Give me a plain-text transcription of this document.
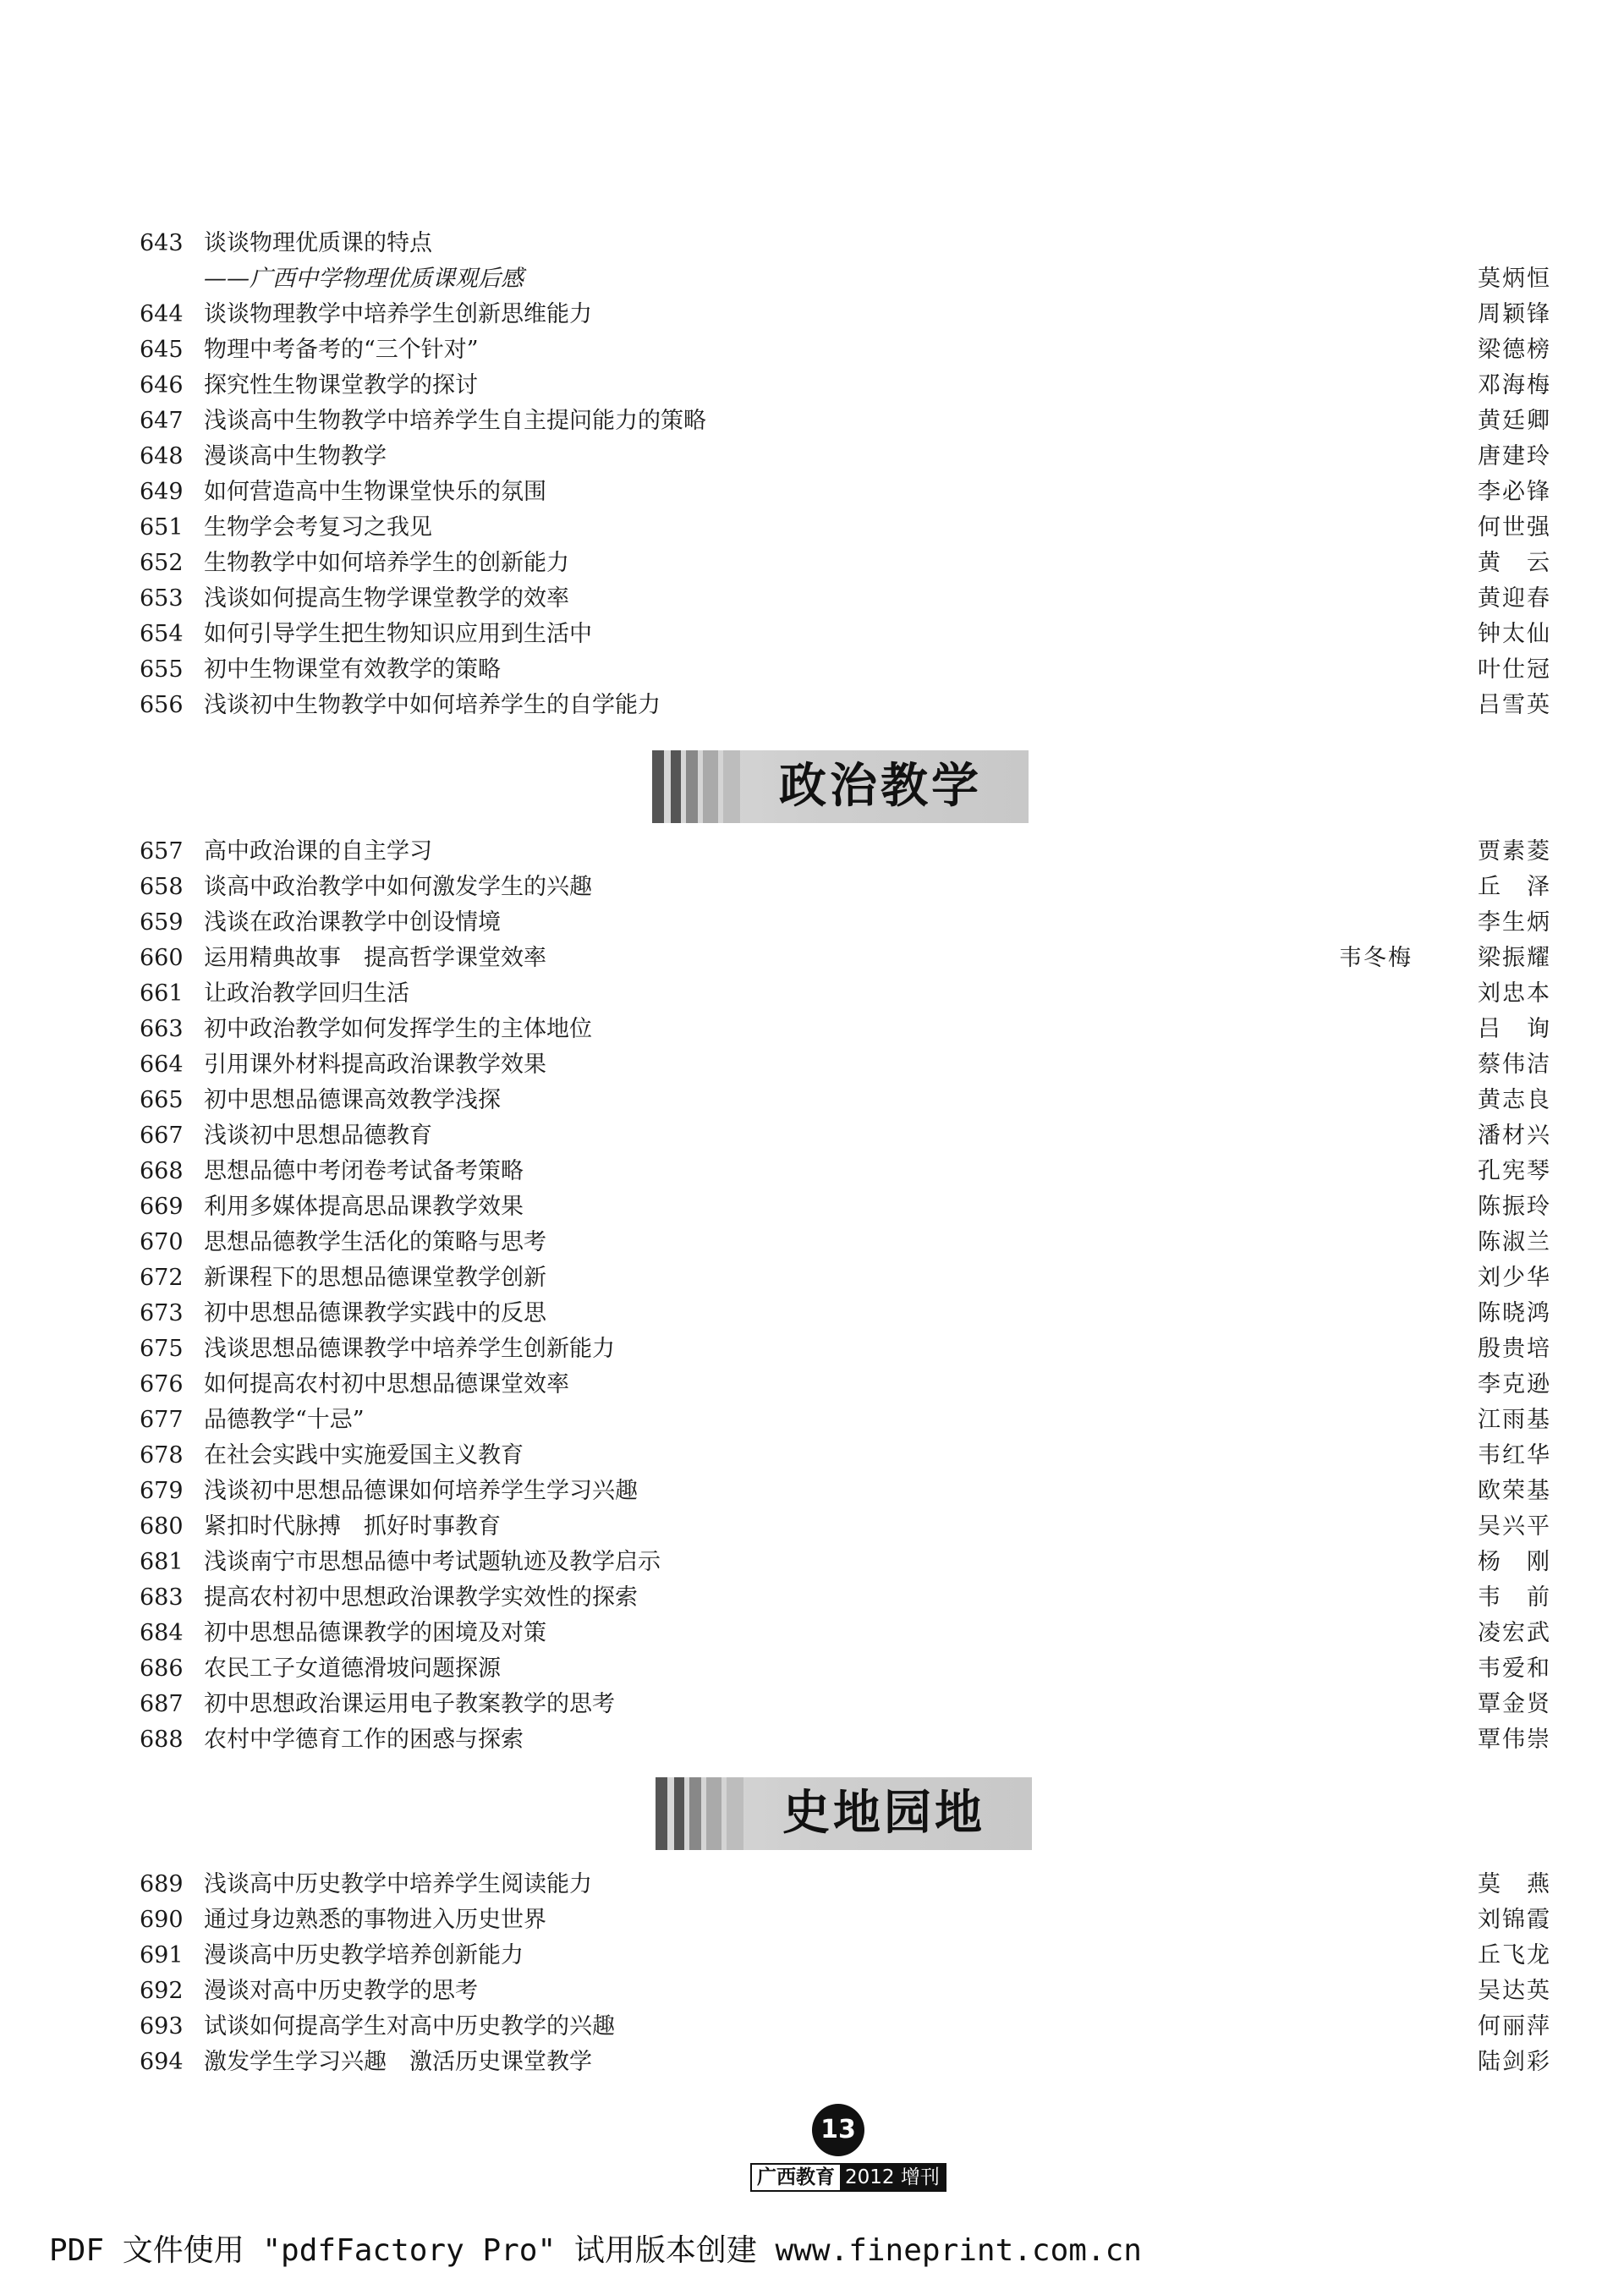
643 谈谈物理优质课的特点
——广西中学物理优质课观后感	莫炳恒
644 谈谈物理教学中培养学生创新思维能力	周颖锋
645 物理中考备考的“三个针对”	梁德榜
646 探究性生物课堂教学的探讨	邓海梅
647 浅谈高中生物教学中培养学生自主提问能力的策略	黄廷卿
648 漫谈高中生物教学	唐建玲
649 如何营造高中生物课堂快乐的氛围	李必锋
651 生物学会考复习之我见	何世强
652 生物教学中如何培养学生的创新能力	黄　云
653 浅谈如何提高生物学课堂教学的效率	黄迎春
654 如何引导学生把生物知识应用到生活中	钟太仙
655 初中生物课堂有效教学的策略	叶仕冠
656 浅谈初中生物教学中如何培养学生的自学能力	吕雪英
政治教学
657 高中政治课的自主学习	贾素菱
658 谈高中政治教学中如何激发学生的兴趣	丘　泽
659 浅谈在政治课教学中创设情境	李生炳
660 运用精典故事　提高哲学课堂效率	韦冬梅	梁振耀
661 让政治教学回归生活	刘忠本
663 初中政治教学如何发挥学生的主体地位	吕　询
664 引用课外材料提高政治课教学效果	蔡伟洁
665 初中思想品德课高效教学浅探	黄志良
667 浅谈初中思想品德教育	潘材兴
668 思想品德中考闭卷考试备考策略	孔宪琴
669 利用多媒体提高思品课教学效果	陈振玲
670 思想品德教学生活化的策略与思考	陈淑兰
672 新课程下的思想品德课堂教学创新	刘少华
673 初中思想品德课教学实践中的反思	陈晓鸿
675 浅谈思想品德课教学中培养学生创新能力	殷贵培
676 如何提高农村初中思想品德课堂效率	李克逊
677 品德教学“十忌”	江雨基
678 在社会实践中实施爱国主义教育	韦红华
679 浅谈初中思想品德课如何培养学生学习兴趣	欧荣基
680 紧扣时代脉搏　抓好时事教育	吴兴平
681 浅谈南宁市思想品德中考试题轨迹及教学启示	杨　刚
683 提高农村初中思想政治课教学实效性的探索	韦　前
684 初中思想品德课教学的困境及对策	凌宏武
686 农民工子女道德滑坡问题探源	韦爱和
687 初中思想政治课运用电子教案教学的思考	覃金贤
688 农村中学德育工作的困惑与探索	覃伟崇
史地园地
689 浅谈高中历史教学中培养学生阅读能力	莫　燕
690 通过身边熟悉的事物进入历史世界	刘锦霞
691 漫谈高中历史教学培养创新能力	丘飞龙
692 漫谈对高中历史教学的思考	吴达英
693 试谈如何提高学生对高中历史教学的兴趣	何丽萍
694 激发学生学习兴趣　激活历史课堂教学	陆剑彩
13
广西教育 2012 增刊
PDF 文件使用 "pdfFactory Pro" 试用版本创建 www.fineprint.com.cn
